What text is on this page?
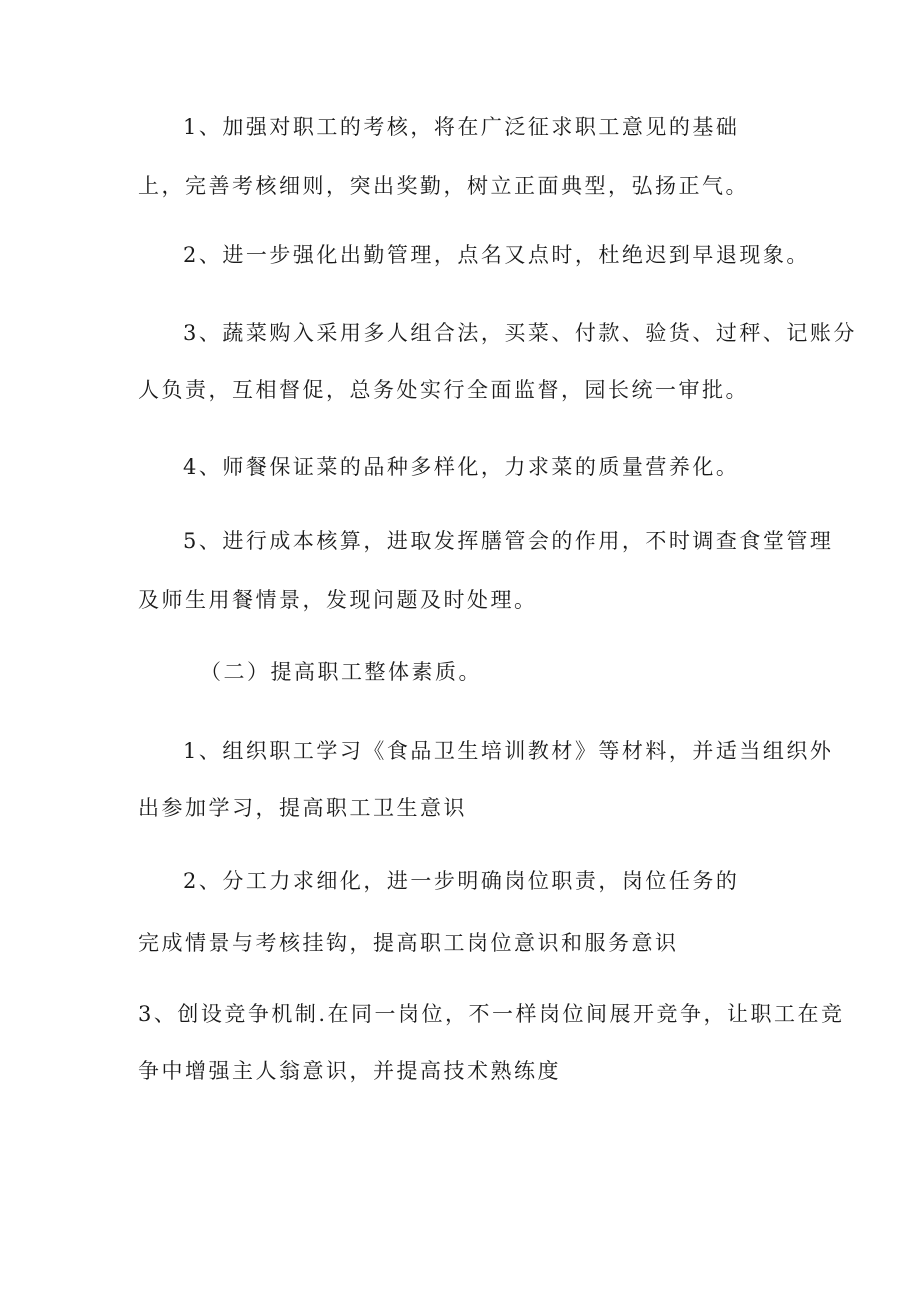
1、加强对职工的考核，将在广泛征求职工意见的基础

上，完善考核细则，突出奖勤，树立正面典型，弘扬正气。

2、进一步强化出勤管理，点名又点时，杜绝迟到早退现象。

3、蔬菜购入采用多人组合法，买菜、付款、验货、过秤、记账分

人负责，互相督促，总务处实行全面监督，园长统一审批。

4、师餐保证菜的品种多样化，力求菜的质量营养化。

5、进行成本核算，进取发挥膳管会的作用，不时调查食堂管理

及师生用餐情景，发现问题及时处理。

（二）提高职工整体素质。

1、组织职工学习《食品卫生培训教材》等材料，并适当组织外

出参加学习，提高职工卫生意识

2、分工力求细化，进一步明确岗位职责，岗位任务的

完成情景与考核挂钩，提高职工岗位意识和服务意识

3、创设竞争机制.在同一岗位，不一样岗位间展开竞争，让职工在竞

争中增强主人翁意识，并提高技术熟练度
